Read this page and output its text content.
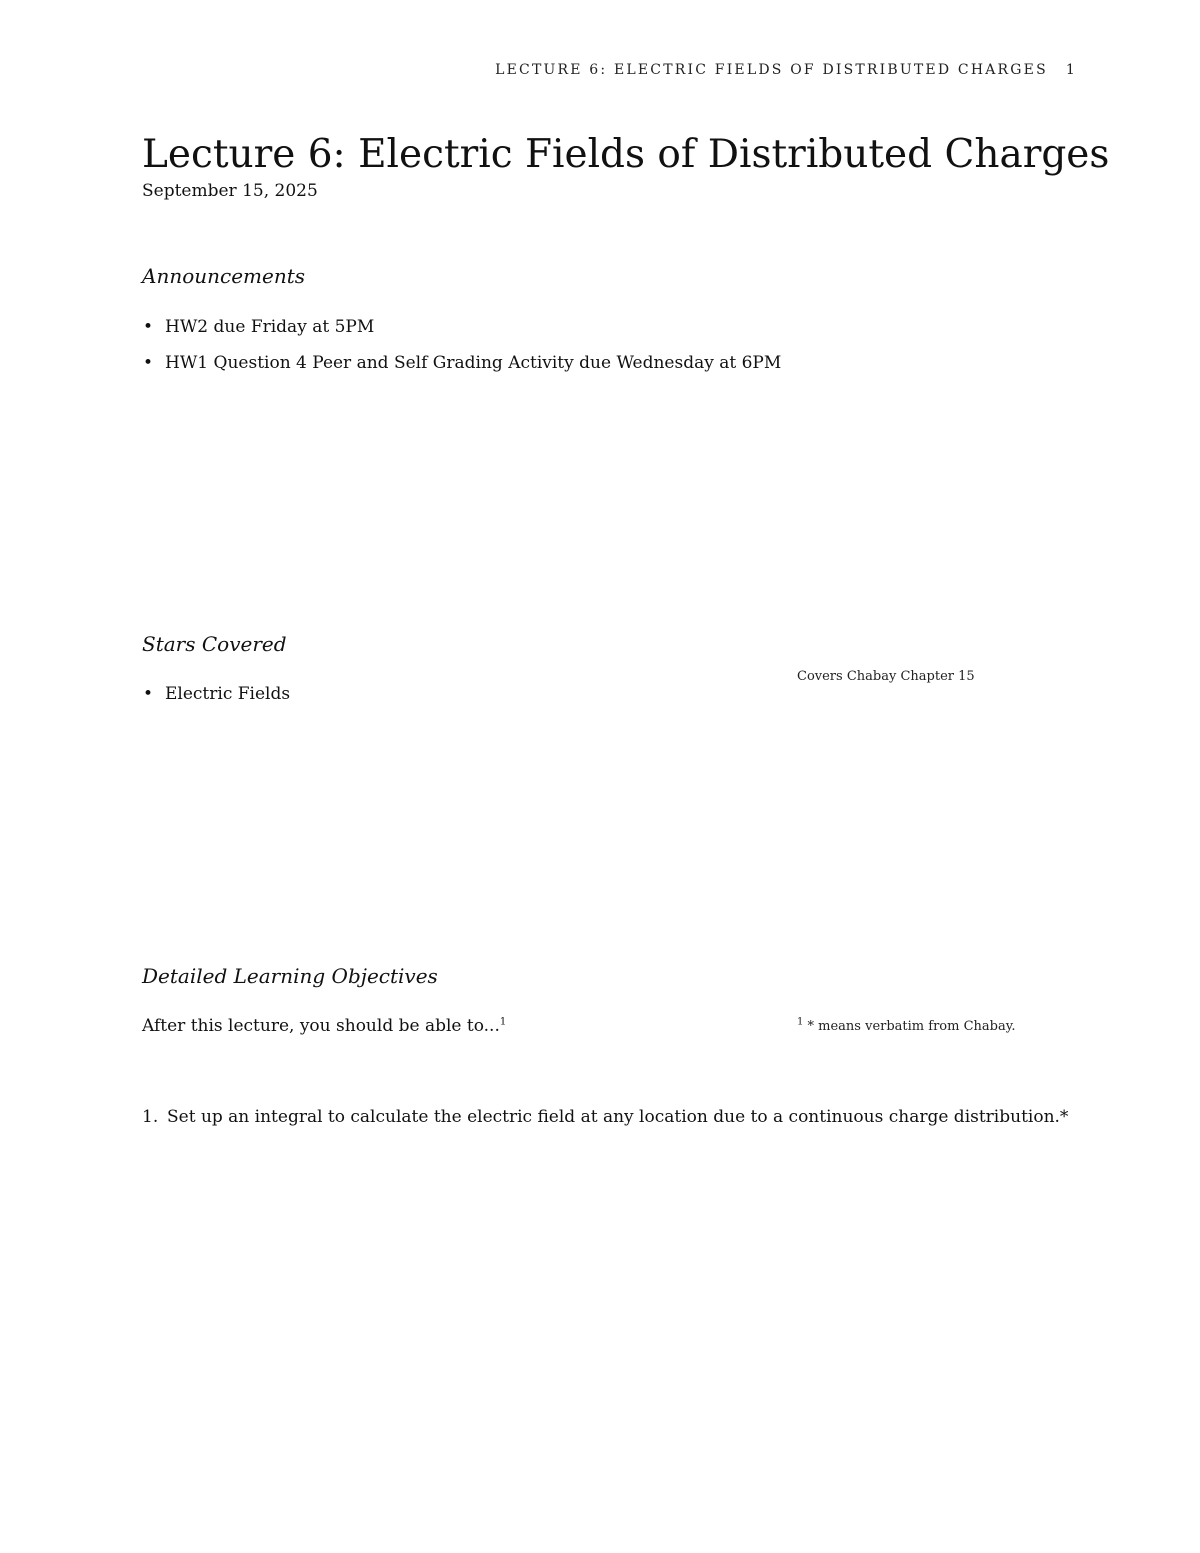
LECTURE 6: ELECTRIC FIELDS OF DISTRIBUTED CHARGES 1
Lecture 6: Electric Fields of Distributed Charges
September 15, 2025
Announcements
• HW2 due Friday at 5PM
• HW1 Question 4 Peer and Self Grading Activity due Wednesday at 6PM
Stars Covered
• Electric Fields
Covers Chabay Chapter 15
Detailed Learning Objectives
After this lecture, you should be able to...$^1$	$^1$ * means verbatim from Chabay.
1. Set up an integral to calculate the electric field at any location due to a continuous charge distribution.*
